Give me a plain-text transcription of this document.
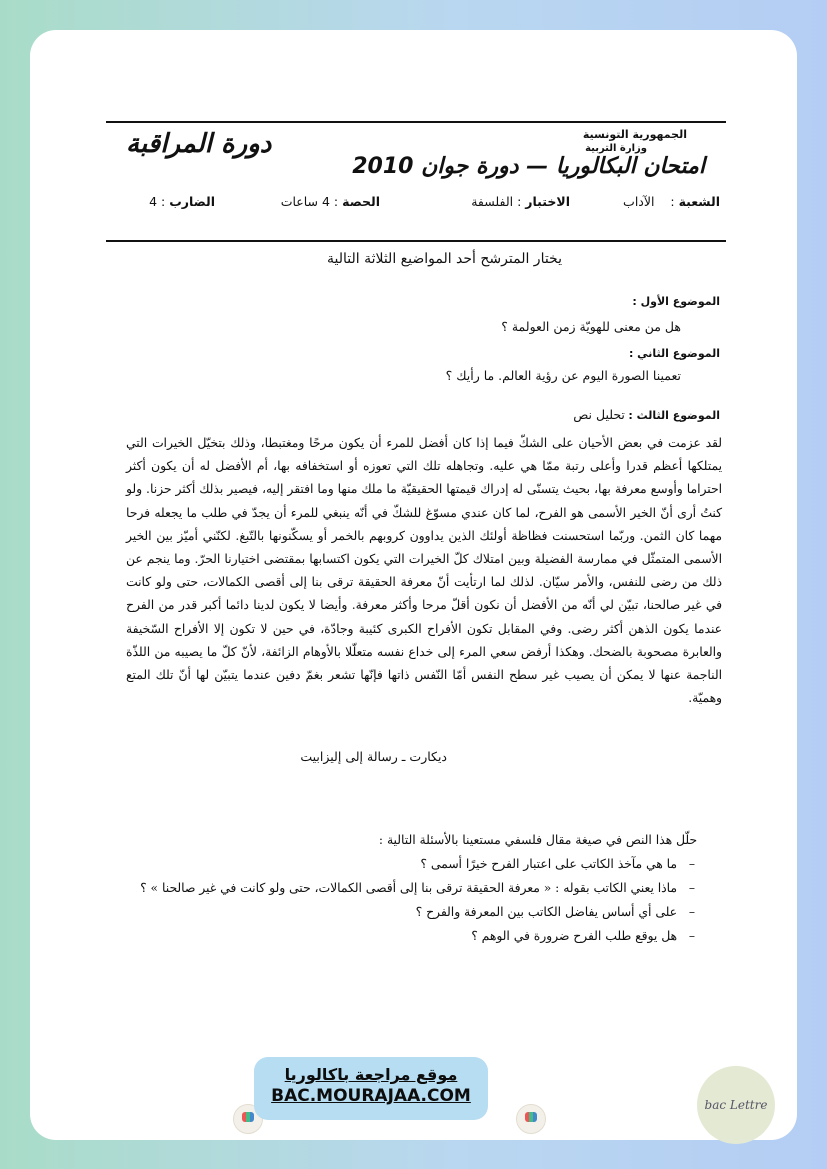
الجمهورية التونسية
وزارة التربية
دورة المراقبة
امتحان البكالوريا — دورة جوان 2010
الشعبة :    الآداب
الاختبار : الفلسفة
الحصة : 4 ساعات
الضارب : 4
يختار المترشح أحد المواضيع الثلاثة التالية
الموضوع الأول :
هل من معنى للهويّة زمن العولمة ؟
الموضوع الثاني :
تعمينا الصورة اليوم عن رؤية العالم. ما رأيك ؟
الموضوع الثالث : تحليل نص
لقد عزمت في بعض الأحيان على الشكّ فيما إذا كان أفضل للمرء أن يكون مرحًا ومغتبطا، وذلك بتخيّل الخيرات التي يمتلكها أعظم قدرا وأعلى رتبة ممّا هي عليه. وتجاهله تلك التي تعوزه أو استخفافه بها، أم الأفضل له أن يكون أكثر احتراما وأوسع معرفة بها، بحيث يتسنّى له إدراك قيمتها الحقيقيّة ما ملك منها وما افتقر إليه، فيصير بذلك أكثر حزنا. ولو كنتُ أرى أنّ الخير الأسمى هو الفرح، لما كان عندي مسوّغ للشكّ في أنّه ينبغي للمرء أن يجدّ في طلب ما يجعله فرحا مهما كان الثمن. وربّما استحسنت فظاظة أولئك الذين يداوون كروبهم بالخمر أو يسكّنونها بالتّبغ. لكنّني أميّز بين الخير الأسمى المتمثّل في ممارسة الفضيلة وبين امتلاك كلّ الخيرات التي يكون اكتسابها بمقتضى اختيارنا الحرّ. وما ينجم عن ذلك من رضى للنفس، والأمر سيّان. لذلك لما ارتأيت أنّ معرفة الحقيقة ترقى بنا إلى أقصى الكمالات، حتى ولو كانت في غير صالحنا، تبيّن لي أنّه من الأفضل أن نكون أقلّ مرحا وأكثر معرفة. وأيضا لا يكون لدينا دائما أكبر قدر من الفرح عندما يكون الذهن أكثر رضى. وفي المقابل تكون الأفراح الكبرى كئيبة وجادّة، في حين لا تكون إلا الأفراح السّخيفة والعابرة مصحوبة بالضحك. وهكذا أرفض سعي المرء إلى خداع نفسه متعلّلا بالأوهام الزائفة، لأنّ كلّ ما يصيبه من اللذّة الناجمة عنها لا يمكن أن يصيب غير سطح النفس أمّا النّفس ذاتها فإنّها تشعر بغمّ دفين عندما يتبيّن لها أنّ تلك المتع وهميّة.
ديكارت ـ رسالة إلى إليزابيت
حلّل هذا النص في صيغة مقال فلسفي مستعينا بالأسئلة التالية :
– ما هي مآخذ الكاتب على اعتبار الفرح خيرًا أسمى ؟
– ماذا يعني الكاتب بقوله : « معرفة الحقيقة ترقى بنا إلى أقصى الكمالات، حتى ولو كانت في غير صالحنا » ؟
– على أي أساس يفاضل الكاتب بين المعرفة والفرح ؟
– هل يوقع طلب الفرح ضرورة في الوهم ؟
موقع مراجعة باكالوريا
BAC.MOURAJAA.COM	bac Lettre
